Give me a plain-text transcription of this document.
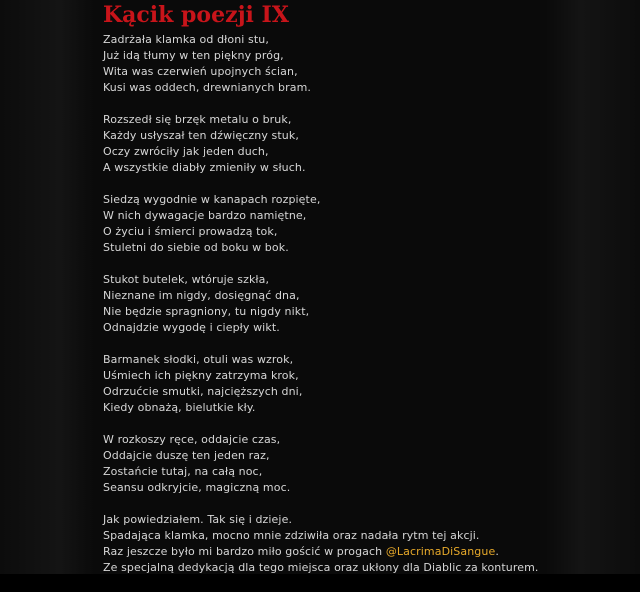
Kącik poezji IX
Zadrżała klamka od dłoni stu,
Już idą tłumy w ten piękny próg,
Wita was czerwień upojnych ścian,
Kusi was oddech, drewnianych bram.
Rozszedł się brzęk metalu o bruk,
Każdy usłyszał ten dźwięczny stuk,
Oczy zwróciły jak jeden duch,
A wszystkie diabły zmieniły w słuch.
Siedzą wygodnie w kanapach rozpięte,
W nich dywagacje bardzo namiętne,
O życiu i śmierci prowadzą tok,
Stuletni do siebie od boku w bok.
Stukot butelek, wtóruje szkła,
Nieznane im nigdy, dosięgnąć dna,
Nie będzie spragniony, tu nigdy nikt,
Odnajdzie wygodę i ciepły wikt.
Barmanek słodki, otuli was wzrok,
Uśmiech ich piękny zatrzyma krok,
Odrzućcie smutki, najcięższych dni,
Kiedy obnażą, bielutkie kły.
W rozkoszy ręce, oddajcie czas,
Oddajcie duszę ten jeden raz,
Zostańcie tutaj, na całą noc,
Seansu odkryjcie, magiczną moc.
Jak powiedziałem. Tak się i dzieje.
Spadająca klamka, mocno mnie zdziwiła oraz nadała rytm tej akcji.
Raz jeszcze było mi bardzo miło gościć w progach @LacrimaDiSangue.
Ze specjalną dedykacją dla tego miejsca oraz ukłony dla Diablic za konturem.
